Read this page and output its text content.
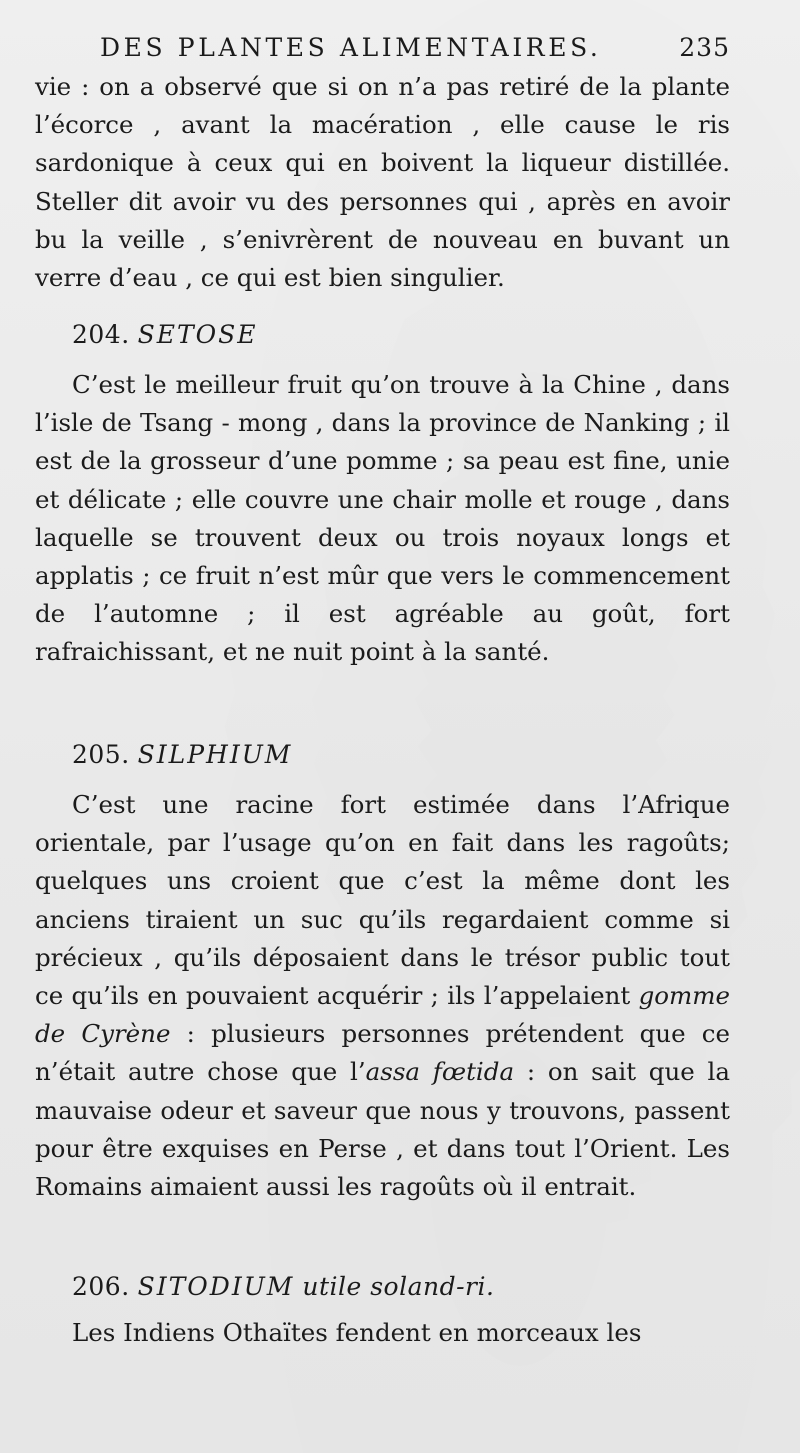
DES PLANTES ALIMENTAIRES.	235
vie : on a observé que si on n’a pas retiré de la plante l’écorce , avant la macération , elle cause le ris sardonique à ceux qui en boivent la liqueur distillée. Steller dit avoir vu des personnes qui , après en avoir bu la veille , s’enivrèrent de nouveau en buvant un verre d’eau , ce qui est bien singulier.
204. SETOSE
C’est le meilleur fruit qu’on trouve à la Chine , dans l’isle de Tsang - mong , dans la province de Nanking ; il est de la grosseur d’une pomme ; sa peau est fine, unie et délicate ; elle couvre une chair molle et rouge , dans laquelle se trouvent deux ou trois noyaux longs et applatis ; ce fruit n’est mûr que vers le commencement de l’automne ; il est agréable au goût, fort rafraichissant, et ne nuit point à la santé.
205. SILPHIUM
C’est une racine fort estimée dans l’Afrique orientale, par l’usage qu’on en fait dans les ragoûts; quelques uns croient que c’est la même dont les anciens tiraient un suc qu’ils regardaient comme si précieux , qu’ils déposaient dans le trésor public tout ce qu’ils en pouvaient acquérir ; ils l’appelaient gomme de Cyrène : plusieurs personnes prétendent que ce n’était autre chose que l’assa fœtida : on sait que la mauvaise odeur et saveur que nous y trouvons, passent pour être exquises en Perse , et dans tout l’Orient. Les Romains aimaient aussi les ragoûts où il entrait.
206. SITODIUM utile soland-ri.
Les Indiens Othaïtes fendent en morceaux les
